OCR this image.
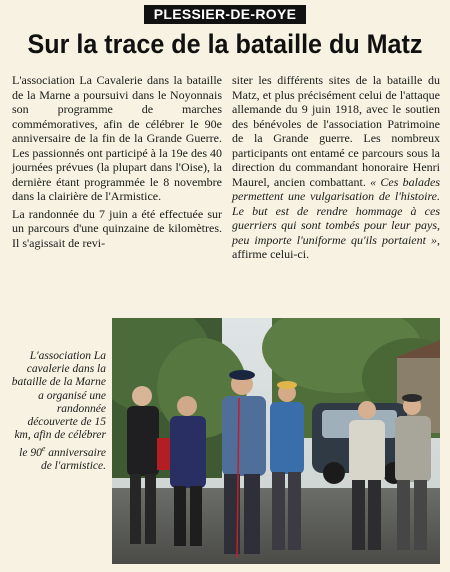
PLESSIER-DE-ROYE
Sur la trace de la bataille du Matz

L'association La Cavalerie dans la bataille de la Marne a poursuivi dans le Noyonnais son programme de marches commémoratives, afin de célébrer le 90e anniversaire de la fin de la Grande Guerre. Les passionnés ont participé à la 19e des 40 journées prévues (la plupart dans l'Oise), la dernière étant programmée le 8 novembre dans la clairière de l'Armistice.

La randonnée du 7 juin a été effectuée sur un parcours d'une quinzaine de kilomètres. Il s'agissait de revi-

siter les différents sites de la bataille du Matz, et plus précisément celui de l'attaque allemande du 9 juin 1918, avec le soutien des bénévoles de l'association Patrimoine de la Grande guerre. Les nombreux participants ont entamé ce parcours sous la direction du commandant honoraire Henri Maurel, ancien combattant. « Ces balades permettent une vulgarisation de l'histoire. Le but est de rendre hommage à ces guerriers qui sont tombés pour leur pays, peu importe l'uniforme qu'ils portaient », affirme celui-ci.

L'association La cavalerie dans la bataille de la Marne a organisé une randonnée découverte de 15 km, afin de célébrer le 90e anniversaire de l'armistice.
